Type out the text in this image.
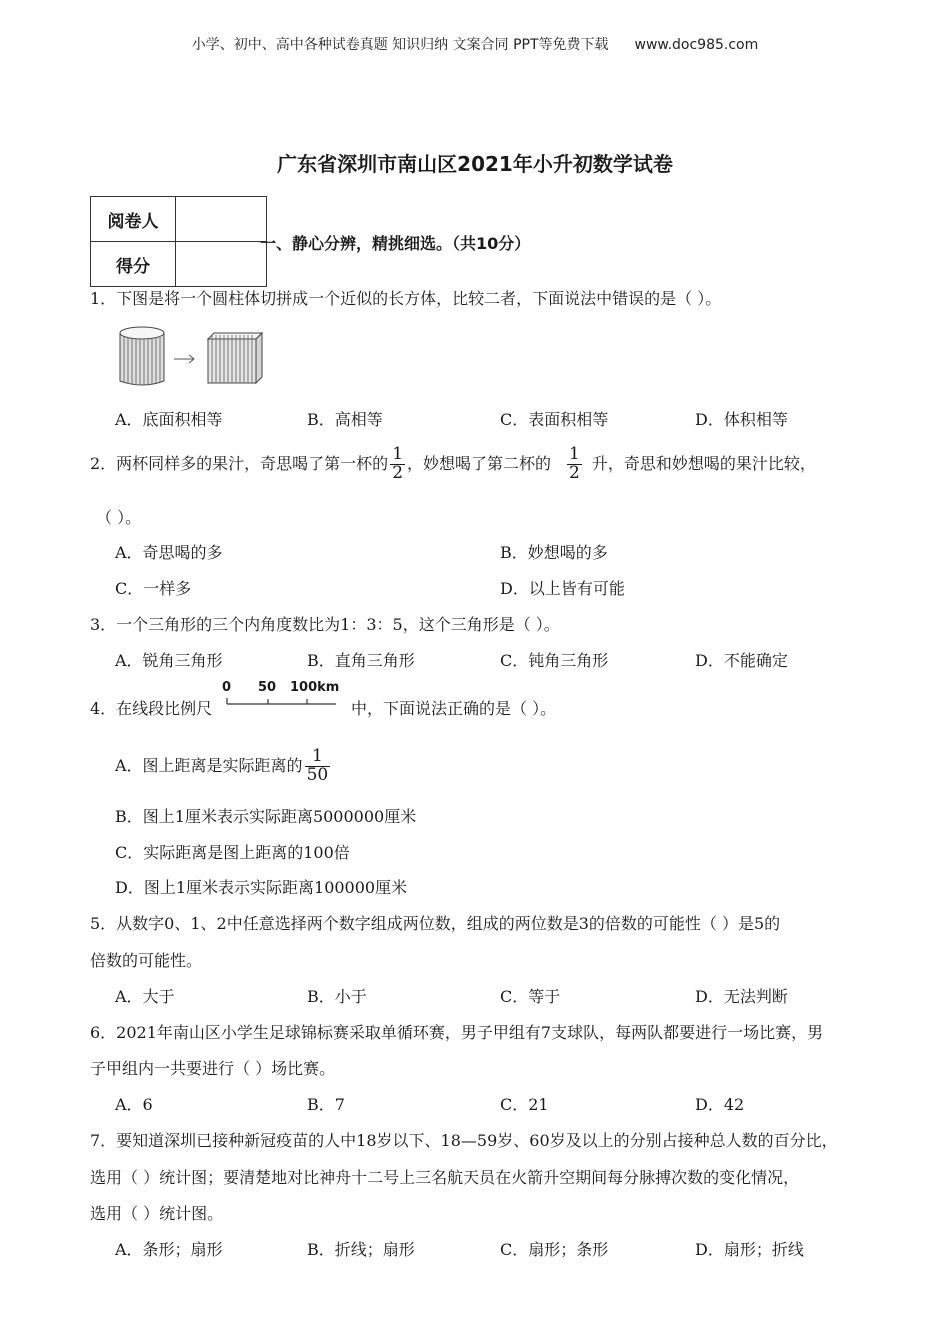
小学、初中、高中各种试卷真题 知识归纳 文案合同 PPT等免费下载 www.doc985.com
广东省深圳市南山区2021年小升初数学试卷
阅卷人	
得分	
一、静心分辨，精挑细选。（共10分）
1．下图是将一个圆柱体切拼成一个近似的长方体，比较二者，下面说法中错误的是（ ）。
A．底面积相等	B．高相等	C．表面积相等	D．体积相等
2．两杯同样多的果汁，奇思喝了第一杯的 $\frac{1}{2}$ ，妙想喝了第二杯的 $\frac{1}{2}$ 升，奇思和妙想喝的果汁比较，
（ ）。
A．奇思喝的多	B．妙想喝的多
C．一样多	D．以上皆有可能
3．一个三角形的三个内角度数比为1：3：5，这个三角形是（ ）。
A．锐角三角形	B．直角三角形	C．钝角三角形	D．不能确定
4．在线段比例尺
0 50 100km
中，下面说法正确的是（ ）。
A．图上距离是实际距离的 $\frac{1}{50}$
B．图上1厘米表示实际距离5000000厘米
C．实际距离是图上距离的100倍
D．图上1厘米表示实际距离100000厘米
5．从数字0、1、2中任意选择两个数字组成两位数，组成的两位数是3的倍数的可能性（ ）是5的
倍数的可能性。
A．大于	B．小于	C．等于	D．无法判断
6．2021年南山区小学生足球锦标赛采取单循环赛，男子甲组有7支球队，每两队都要进行一场比赛，男
子甲组内一共要进行（ ）场比赛。
A．6	B．7	C．21	D．42
7．要知道深圳已接种新冠疫苗的人中18岁以下、18—59岁、60岁及以上的分别占接种总人数的百分比，
选用（ ）统计图；要清楚地对比神舟十二号上三名航天员在火箭升空期间每分脉搏次数的变化情况，
选用（ ）统计图。
A．条形；扇形	B．折线；扇形	C．扇形；条形	D．扇形；折线
